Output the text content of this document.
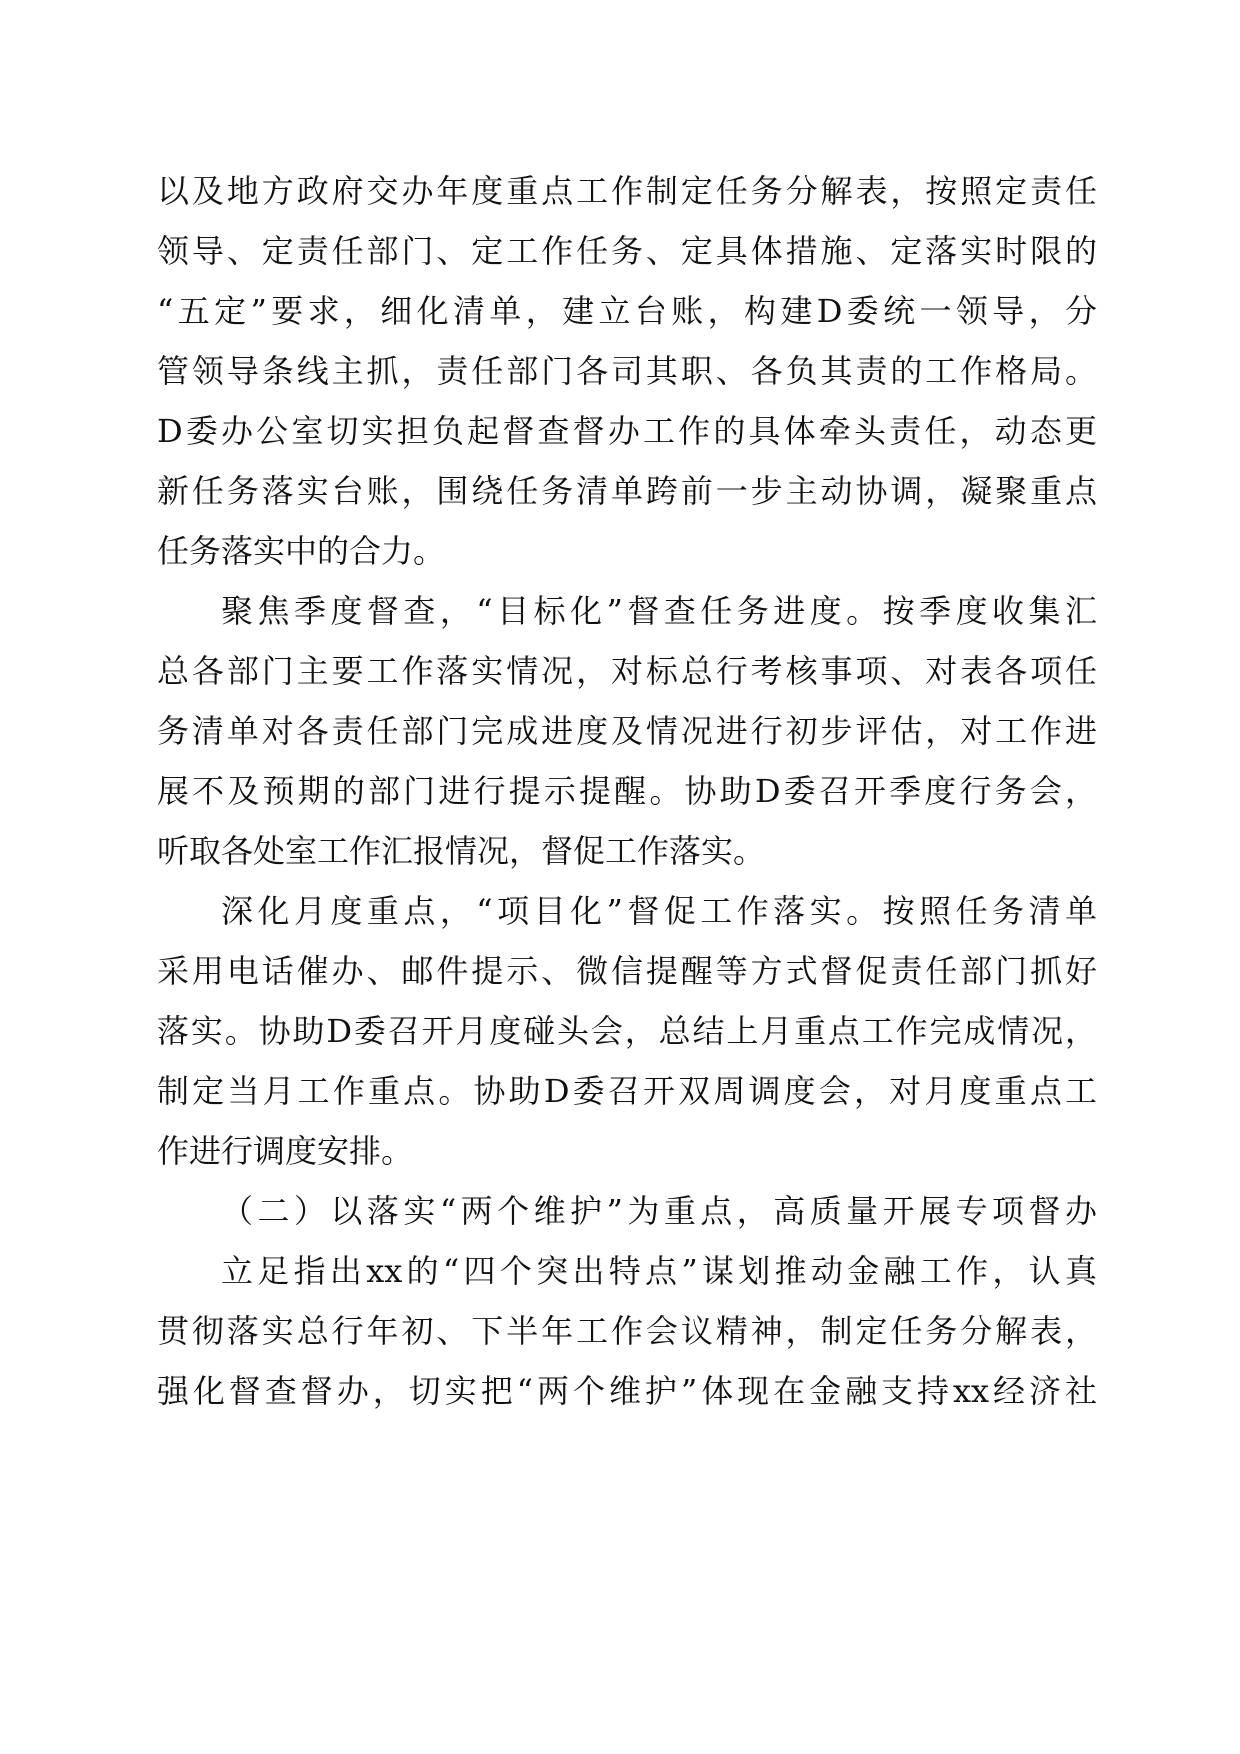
以及地方政府交办年度重点工作制定任务分解表，按照定责任
领导、定责任部门、定工作任务、定具体措施、定落实时限的
“五定”要求，细化清单，建立台账，构建D委统一领导，分
管领导条线主抓，责任部门各司其职、各负其责的工作格局。
D委办公室切实担负起督查督办工作的具体牵头责任，动态更
新任务落实台账，围绕任务清单跨前一步主动协调，凝聚重点
任务落实中的合力。
聚焦季度督查，“目标化”督查任务进度。按季度收集汇
总各部门主要工作落实情况，对标总行考核事项、对表各项任
务清单对各责任部门完成进度及情况进行初步评估，对工作进
展不及预期的部门进行提示提醒。协助D委召开季度行务会，
听取各处室工作汇报情况，督促工作落实。
深化月度重点，“项目化”督促工作落实。按照任务清单
采用电话催办、邮件提示、微信提醒等方式督促责任部门抓好
落实。协助D委召开月度碰头会，总结上月重点工作完成情况，
制定当月工作重点。协助D委召开双周调度会，对月度重点工
作进行调度安排。
（二）以落实“两个维护”为重点，高质量开展专项督办
立足指出xx的“四个突出特点”谋划推动金融工作，认真
贯彻落实总行年初、下半年工作会议精神，制定任务分解表，
强化督查督办，切实把“两个维护”体现在金融支持xx经济社
